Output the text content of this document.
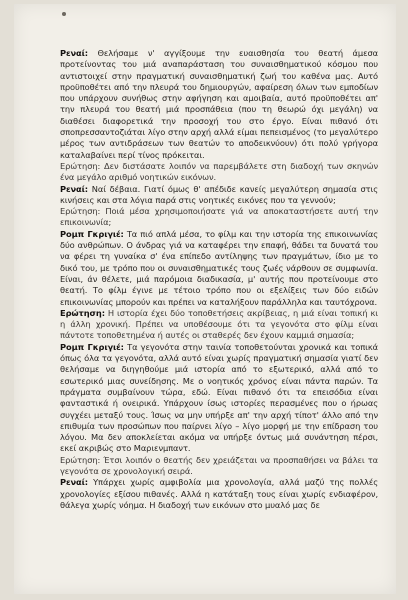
Ρεναί: Θελήσαμε ν' αγγίξουμε την ευαισθησία του θεατή άμεσα προτείνοντας του μιά αναπαράσταση του συναισθηματικού κόσμου που αντιστοιχεί στην πραγματική συναισθηματική ζωή του καθένα μας. Αυτό προϋποθέτει από την πλευρά του δημιουργών, αφαίρεση όλων των εμποδίων που υπάρχουν συνήθως στην αφήγηση και αμοιβαία, αυτό προϋποθέτει απ' την πλευρά του θεατή μιά προσπάθεια (που τη θεωρώ όχι μεγάλη) να διαθέσει διαφορετικά την προσοχή του στο έργο. Είναι πιθανό ότι σποπρεσσαντοζιάται λίγο στην αρχή αλλά είμαι πεπεισμένος (το μεγαλύτερο μέρος των αντιδράσεων των θεατών το αποδεικνύουν) ότι πολύ γρήγορα καταλαβαίνει περί τίνος πρόκειται.

Ερώτηση: Δεν διστάσατε λοιπόν να παρεμβάλετε στη διαδοχή των σκηνών ένα μεγάλο αριθμό νοητικών εικόνων.

Ρεναί: Ναί δέβαια. Γιατί όμως θ' απέδιδε κανείς μεγαλύτερη σημασία στις κινήσεις και στα λόγια παρά στις νοητικές εικόνες που τα γεννούν;

Ερώτηση: Ποιά μέσα χρησιμοποιήσατε γιά να αποκαταστήσετε αυτή την επικοινωνία;

Ρομπ Γκριγιέ: Τα πιό απλά μέσα, το φίλμ και την ιστορία της επικοινωνίας δύο ανθρώπων. Ο άνδρας γιά να καταφέρει την επαφή, θάδει τα δυνατά του να φέρει τη γυναίκα σ' ένα επίπεδο αντίληψης των πραγμάτων, ίδιο με το δικό του, με τρόπο που οι συναισθηματικές τους ζωές νάρθουν σε συμφωνία. Είναι, άν θέλετε, μιά παρόμοια διαδικασία, μ' αυτής που προτείνουμε στο θεατή. Το φίλμ έγινε με τέτοιο τρόπο που οι εξελίξεις των δύο ειδών επικοινωνίας μπορούν και πρέπει να καταλήξουν παράλληλα και ταυτόχρονα.

Ερώτηση: Η ιστορία έχει δύο τοποθετήσεις ακρίβειας, η μιά είναι τοπική κι η άλλη χρονική. Πρέπει να υποθέσουμε ότι τα γεγονότα στο φίλμ είναι πάντοτε τοποθετημένα ή αυτές οι σταθερές δεν έχουν καμμιά σημασία;

Ρομπ Γκριγιέ: Τα γεγονότα στην ταινία τοποθετούνται χρονικά και τοπικά όπως όλα τα γεγονότα, αλλά αυτό είναι χωρίς πραγματική σημασία γιατί δεν θελήσαμε να διηγηθούμε μιά ιστορία από το εξωτερικό, αλλά από το εσωτερικό μιας συνείδησης. Με ο νοητικός χρόνος είναι πάντα παρών. Τα πράγματα συμβαίνουν τώρα, εδώ. Είναι πιθανό ότι τα επεισόδια είναι φανταστικά ή ονειρικά. Υπάρχουν ίσως ιστορίες περασμένες που ο ήρωας συγχέει μεταξύ τους. Ίσως να μην υπήρξε απ' την αρχή τίποτ' άλλο από την επιθυμία των προσώπων που παίρνει λίγο – λίγο μορφή με την επίδραση του λόγου. Μα δεν αποκλείεται ακόμα να υπήρξε όντως μιά συνάντηση πέρσι, εκεί ακριβώς στο Μαριενμπαντ.

Ερώτηση: Έτσι λοιπόν ο θεατής δεν χρειάζεται να προσπαθήσει να βάλει τα γεγονότα σε χρονολογική σειρά.

Ρεναί: Υπάρχει χωρίς αμφιβολία μια χρονολογία, αλλά μαζύ της πολλές χρονολογίες εξίσου πιθανές. Αλλά η κατάταξη τους είναι χωρίς ενδιαφέρον, θάλεγα χωρίς νόημα. Η διαδοχή των εικόνων στο μυαλό μας δε
